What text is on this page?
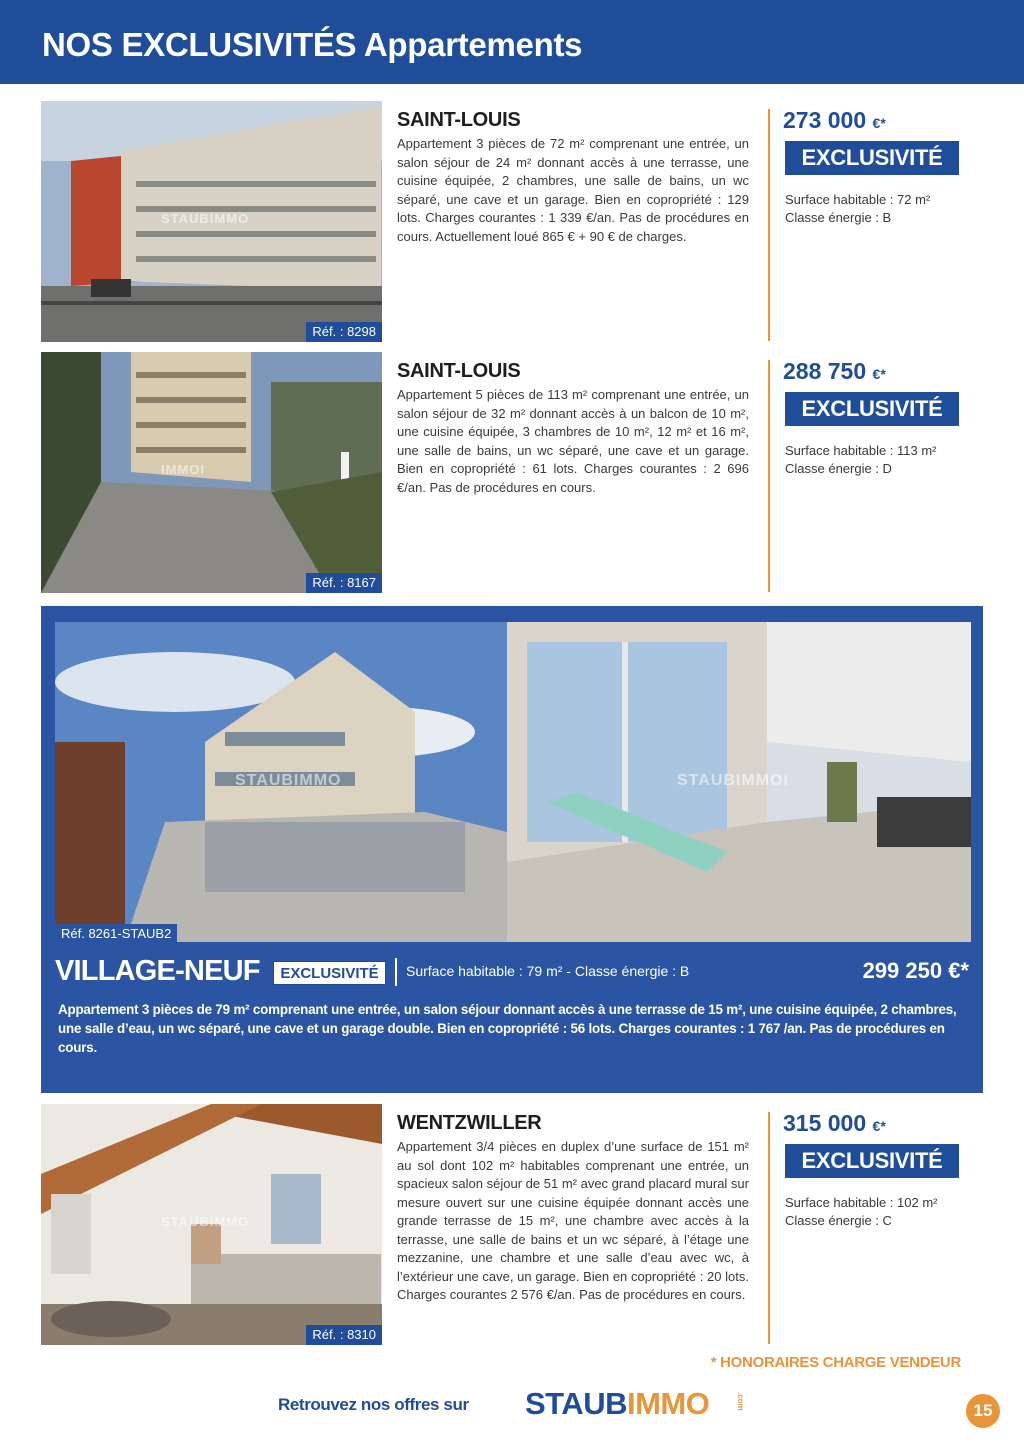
NOS EXCLUSIVITÉS Appartements
STAUBIMMO
Réf. : 8298
SAINT-LOUIS
Appartement 3 pièces de 72 m² comprenant une entrée, un salon séjour de 24 m² donnant accès à une terrasse, une cuisine équipée, 2 chambres, une salle de bains, un wc séparé, une cave et un garage. Bien en copropriété : 129 lots. Charges courantes : 1 339 €/an. Pas de procédures en cours. Actuellement loué 865 € + 90 € de charges.
273 000 €*
EXCLUSIVITÉ
Surface habitable : 72 m²
Classe énergie : B
IMMOI
Réf. : 8167
SAINT-LOUIS
Appartement 5 pièces de 113 m² comprenant une entrée, un salon séjour de 32 m² donnant accès à un balcon de 10 m², une cuisine équipée, 3 chambres de 10 m², 12 m² et 16 m², une salle de bains, un wc séparé, une cave et un garage. Bien en copropriété : 61 lots. Charges courantes : 2 696 €/an. Pas de procédures en cours.
288 750 €*
EXCLUSIVITÉ
Surface habitable : 113 m²
Classe énergie : D
STAUBIMMO	STAUBIMMOI
Réf. 8261-STAUB2
VILLAGE-NEUF	EXCLUSIVITÉ	Surface habitable : 79 m² - Classe énergie : B	299 250 €*
Appartement 3 pièces de 79 m² comprenant une entrée, un salon séjour donnant accès à une terrasse de 15 m², une cuisine équipée, 2 chambres, une salle d’eau, un wc séparé, une cave et un garage double. Bien en copropriété : 56 lots. Charges courantes : 1 767 /an. Pas de procédures en cours.
STAUBIMMO
Réf. : 8310
WENTZWILLER
Appartement 3/4 pièces en duplex d’une surface de 151 m² au sol dont 102 m² habitables comprenant une entrée, un spacieux salon séjour de 51 m² avec grand placard mural sur mesure ouvert sur une cuisine équipée donnant accès une grande terrasse de 15 m², une chambre avec accès à la terrasse, une salle de bains et un wc séparé, à l’étage une mezzanine, une chambre et une salle d’eau avec wc, à l’extérieur une cave, un garage. Bien en copropriété : 20 lots. Charges courantes 2 576 €/an. Pas de procédures en cours.
315 000 €*
EXCLUSIVITÉ
Surface habitable : 102 m²
Classe énergie : C
* HONORAIRES CHARGE VENDEUR
Retrouvez nos offres sur STAUBIMMO	.com	15
